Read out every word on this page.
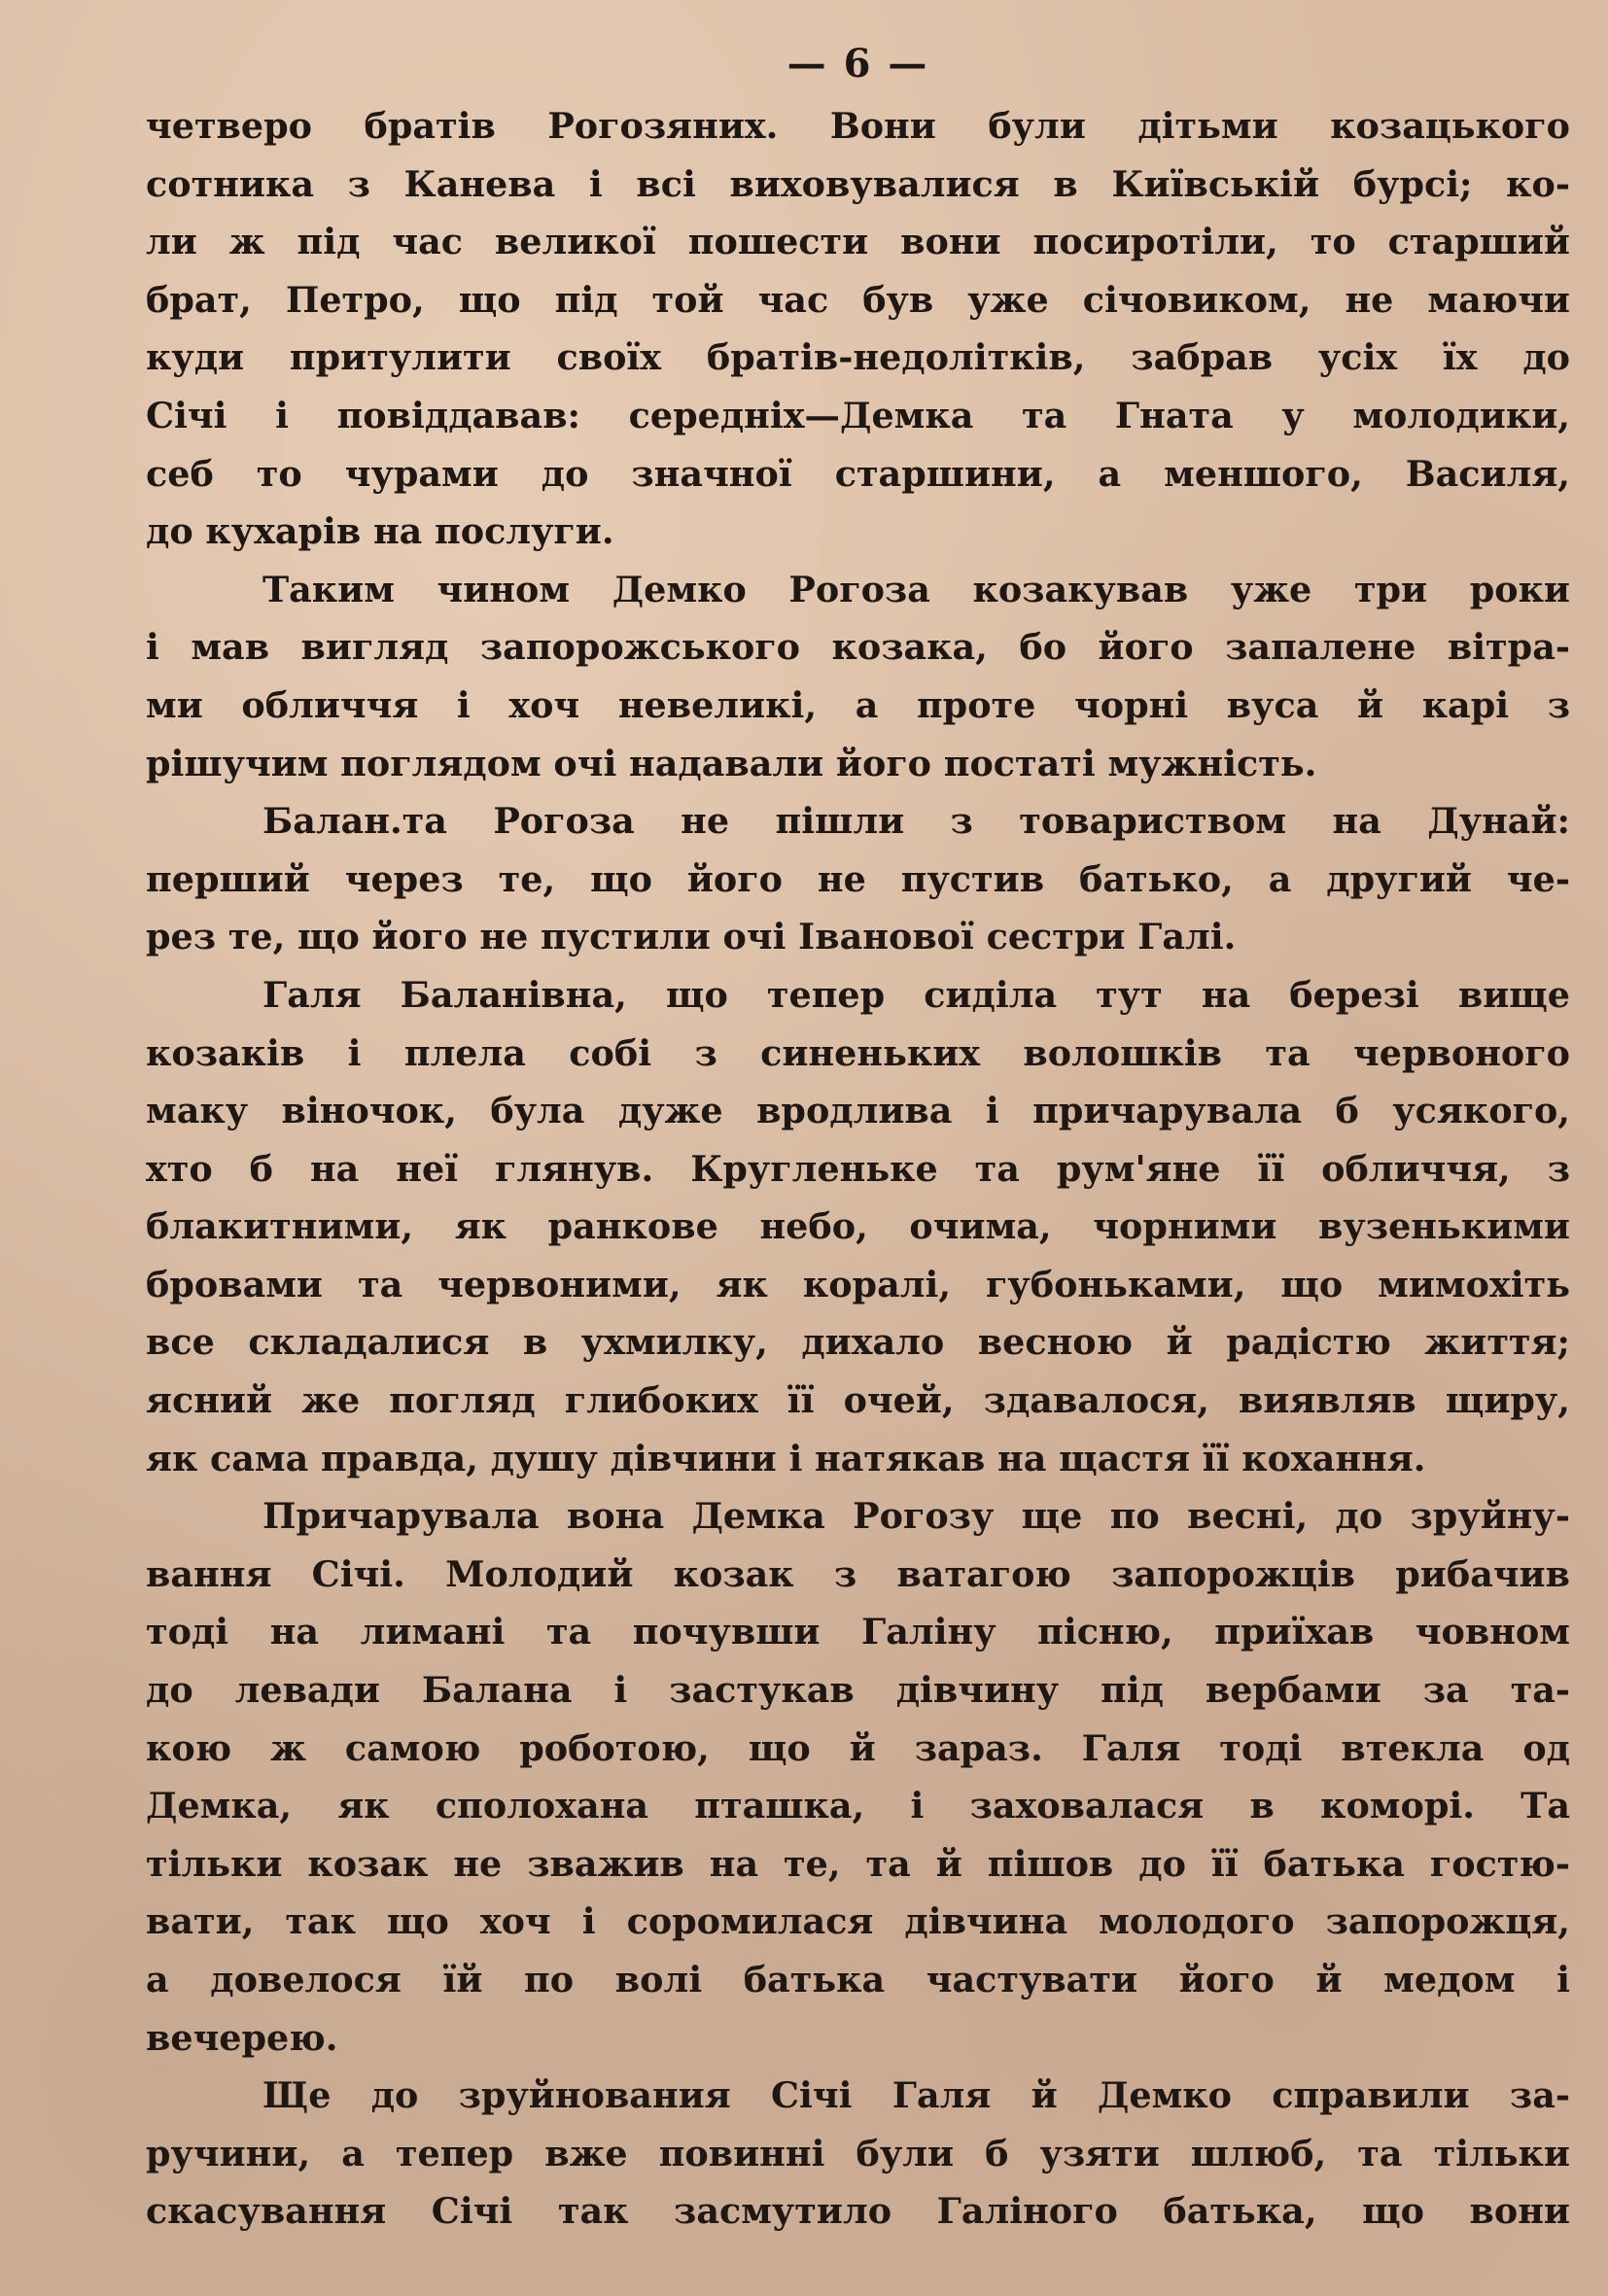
— 6 —

четверо братів Рогозяних. Вони були дітьми козацького
сотника з Канева і всі виховувалися в Київській бурсі; ко-
ли ж під час великої пошести вони посиротіли, то старший
брат, Петро, що під той час був уже січовиком, не маючи
куди притулити своїх братів-недоліткiв, забрав усіх їх до
Січі і повіддавав: середніх—Демка та Гната у молодики,
себ то чурами до значної старшини, а меншого, Василя,
до кухарів на послуги.

Таким чином Демко Рогоза козакував уже три роки
і мав вигляд запорожського козака, бо його запалене вітра-
ми обличчя і хоч невеликі, а проте чорні вуса й карі з
рішучим поглядом очі надавали його постаті мужність.

Балан.та Рогоза не пішли з товариством на Дунай:
перший через те, що його не пустив батько, а другий че-
рез те, що його не пустили очі Іванової сестри Галі.

Галя Баланівна, що тепер сиділа тут на березі вище
козаків і плела собі з синеньких волошків та червоного
маку віночок, була дуже вродлива і причарувала б усякого,
хто б на неї глянув. Кругленьке та рум'яне її обличчя, з
блакитними, як ранкове небо, очима, чорними вузенькими
бровами та червоними, як коралі, губоньками, що мимохіть
все складалися в ухмилку, дихало весною й радістю життя;
ясний же погляд глибоких її очей, здавалося, виявляв щиру,
як сама правда, душу дівчини і натякав на щастя її кохання.

Причарувала вона Демка Рогозу ще по весні, до зруйну-
вання Січі. Молодий козак з ватагою запорожців рибачив
тоді на лимані та почувши Галіну пісню, приїхав човном
до левади Балана і застукав дівчину під вербами за та-
кою ж самою роботою, що й зараз. Галя тоді втекла од
Демка, як сполохана пташка, і заховалася в коморі. Та
тільки козак не зважив на те, та й пішов до її батька гостю-
вати, так що хоч і соромилася дівчина молодого запорожця,
а довелося їй по волі батька частувати його й медом і
вечерею.

Ще до зруйнования Січі Галя й Демко справили за-
ручини, а тепер вже повинні були б узяти шлюб, та тільки
скасування Січі так засмутило Галіного батька, що вони
